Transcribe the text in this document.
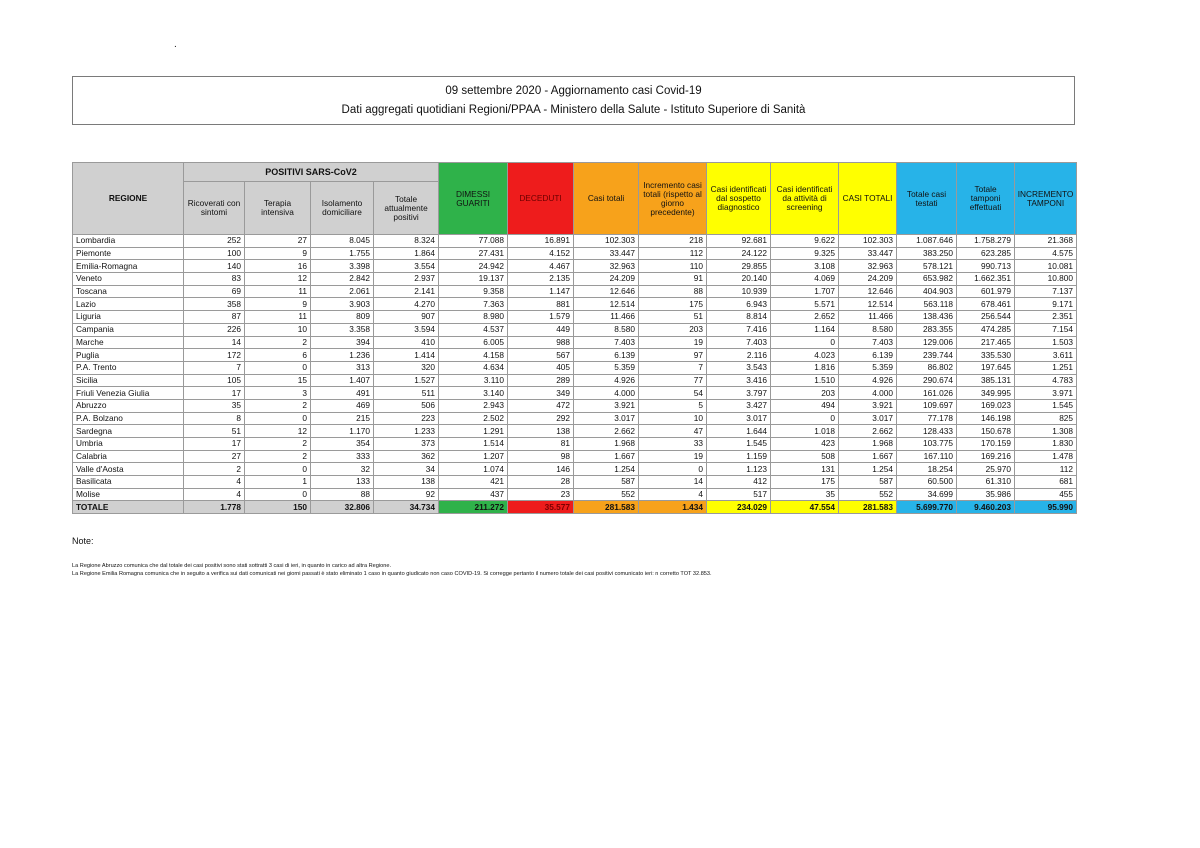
.
09 settembre 2020 - Aggiornamento casi Covid-19
Dati aggregati quotidiani Regioni/PPAA - Ministero della Salute - Istituto Superiore di Sanità
REGIONE	POSITIVI SARS-CoV2				DIMESSI GUARITI	DECEDUTI	Casi totali	Incremento casi totali (rispetto al giorno precedente)	Casi identificati dal sospetto diagnostico	Casi identificati da attività di screening	CASI TOTALI	Totale casi testati	Totale tamponi effettuati	INCREMENTO TAMPONI
	Ricoverati con sintomi	Terapia intensiva	Isolamento domiciliare	Totale attualmente positivi										
Lombardia	252	27	8.045	8.324	77.088	16.891	102.303	218	92.681	9.622	102.303	1.087.646	1.758.279	21.368
Piemonte	100	9	1.755	1.864	27.431	4.152	33.447	112	24.122	9.325	33.447	383.250	623.285	4.575
Emilia-Romagna	140	16	3.398	3.554	24.942	4.467	32.963	110	29.855	3.108	32.963	578.121	990.713	10.081
Veneto	83	12	2.842	2.937	19.137	2.135	24.209	91	20.140	4.069	24.209	653.982	1.662.351	10.800
Toscana	69	11	2.061	2.141	9.358	1.147	12.646	88	10.939	1.707	12.646	404.903	601.979	7.137
Lazio	358	9	3.903	4.270	7.363	881	12.514	175	6.943	5.571	12.514	563.118	678.461	9.171
Liguria	87	11	809	907	8.980	1.579	11.466	51	8.814	2.652	11.466	138.436	256.544	2.351
Campania	226	10	3.358	3.594	4.537	449	8.580	203	7.416	1.164	8.580	283.355	474.285	7.154
Marche	14	2	394	410	6.005	988	7.403	19	7.403	0	7.403	129.006	217.465	1.503
Puglia	172	6	1.236	1.414	4.158	567	6.139	97	2.116	4.023	6.139	239.744	335.530	3.611
P.A. Trento	7	0	313	320	4.634	405	5.359	7	3.543	1.816	5.359	86.802	197.645	1.251
Sicilia	105	15	1.407	1.527	3.110	289	4.926	77	3.416	1.510	4.926	290.674	385.131	4.783
Friuli Venezia Giulia	17	3	491	511	3.140	349	4.000	54	3.797	203	4.000	161.026	349.995	3.971
Abruzzo	35	2	469	506	2.943	472	3.921	5	3.427	494	3.921	109.697	169.023	1.545
P.A. Bolzano	8	0	215	223	2.502	292	3.017	10	3.017	0	3.017	77.178	146.198	825
Sardegna	51	12	1.170	1.233	1.291	138	2.662	47	1.644	1.018	2.662	128.433	150.678	1.308
Umbria	17	2	354	373	1.514	81	1.968	33	1.545	423	1.968	103.775	170.159	1.830
Calabria	27	2	333	362	1.207	98	1.667	19	1.159	508	1.667	167.110	169.216	1.478
Valle d'Aosta	2	0	32	34	1.074	146	1.254	0	1.123	131	1.254	18.254	25.970	112
Basilicata	4	1	133	138	421	28	587	14	412	175	587	60.500	61.310	681
Molise	4	0	88	92	437	23	552	4	517	35	552	34.699	35.986	455
TOTALE	1.778	150	32.806	34.734	211.272	35.577	281.583	1.434	234.029	47.554	281.583	5.699.770	9.460.203	95.990
Note:
La Regione Abruzzo comunica che dal totale dei casi positivi sono stati sottratti 3 casi di ieri, in quanto in carico ad altra Regione.
La Regione Emilia Romagna comunica che in seguito a verifica sui dati comunicati nei giorni passati è stato eliminato 1 caso in quanto giudicato non caso COVID-19. Si corregge pertanto il numero totale dei casi positivi comunicato ieri: n corretto TOT 32.853.
